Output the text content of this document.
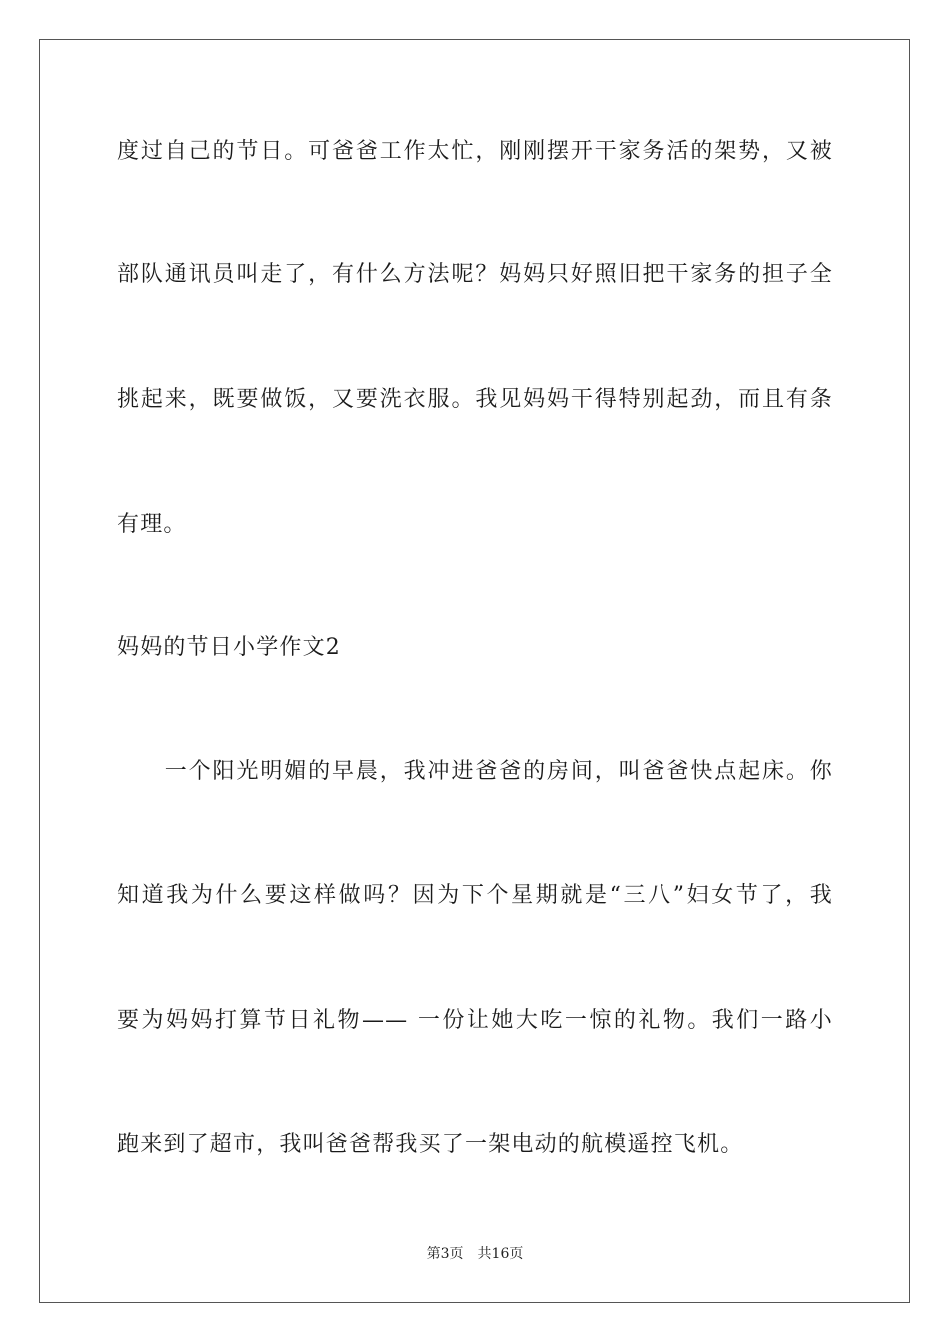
度过自己的节日。可爸爸工作太忙，刚刚摆开干家务活的架势，又被
部队通讯员叫走了，有什么方法呢？妈妈只好照旧把干家务的担子全
挑起来，既要做饭，又要洗衣服。我见妈妈干得特别起劲，而且有条
有理。
妈妈的节日小学作文2
　　一个阳光明媚的早晨，我冲进爸爸的房间，叫爸爸快点起床。你
知道我为什么要这样做吗？因为下个星期就是“三八”妇女节了，我
要为妈妈打算节日礼物—— 一份让她大吃一惊的礼物。我们一路小
跑来到了超市，我叫爸爸帮我买了一架电动的航模遥控飞机。
第3页　共16页
